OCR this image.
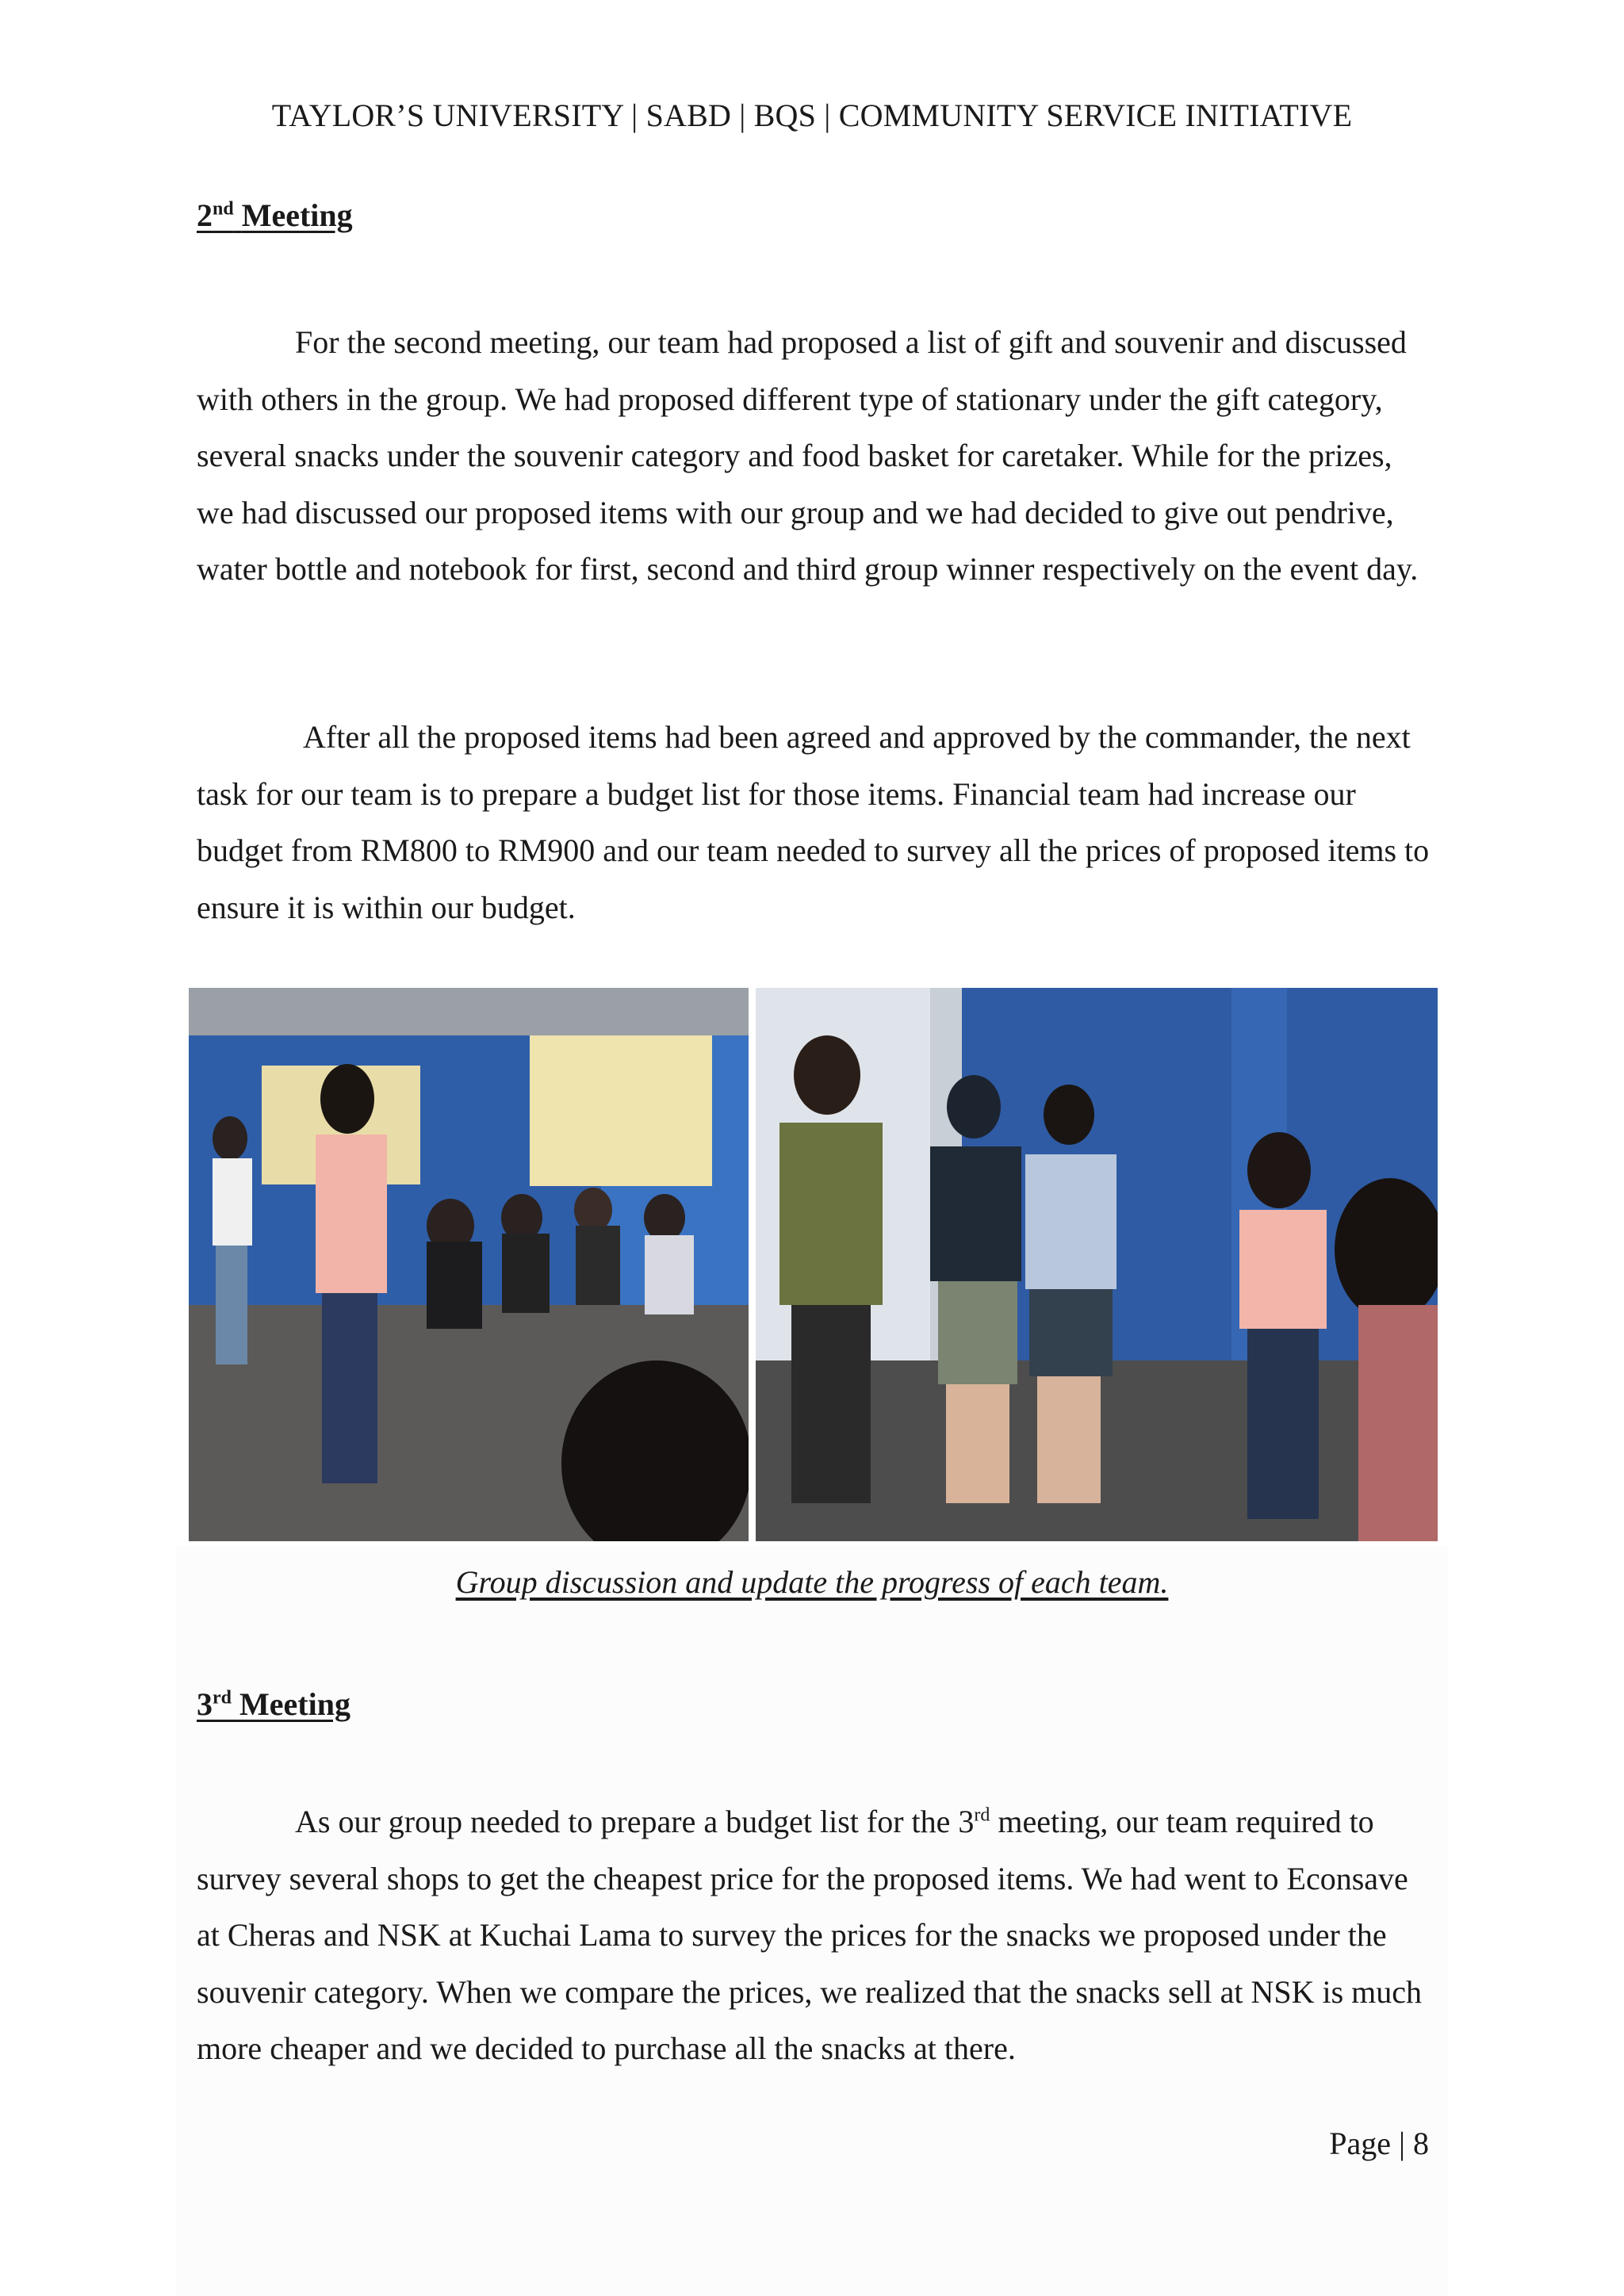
TAYLOR’S UNIVERSITY | SABD | BQS | COMMUNITY SERVICE INITIATIVE
2nd Meeting

For the second meeting, our team had proposed a list of gift and souvenir and discussed with others in the group. We had proposed different type of stationary under the gift category, several snacks under the souvenir category and food basket for caretaker. While for the prizes, we had discussed our proposed items with our group and we had decided to give out pendrive, water bottle and notebook for first, second and third group winner respectively on the event day.

After all the proposed items had been agreed and approved by the commander, the next task for our team is to prepare a budget list for those items. Financial team had increase our budget from RM800 to RM900 and our team needed to survey all the prices of proposed items to ensure it is within our budget.

Group discussion and update the progress of each team.
3rd Meeting

As our group needed to prepare a budget list for the 3rd meeting, our team required to survey several shops to get the cheapest price for the proposed items. We had went to Econsave at Cheras and NSK at Kuchai Lama to survey the prices for the snacks we proposed under the souvenir category. When we compare the prices, we realized that the snacks sell at NSK is much more cheaper and we decided to purchase all the snacks at there.

Page | 8
